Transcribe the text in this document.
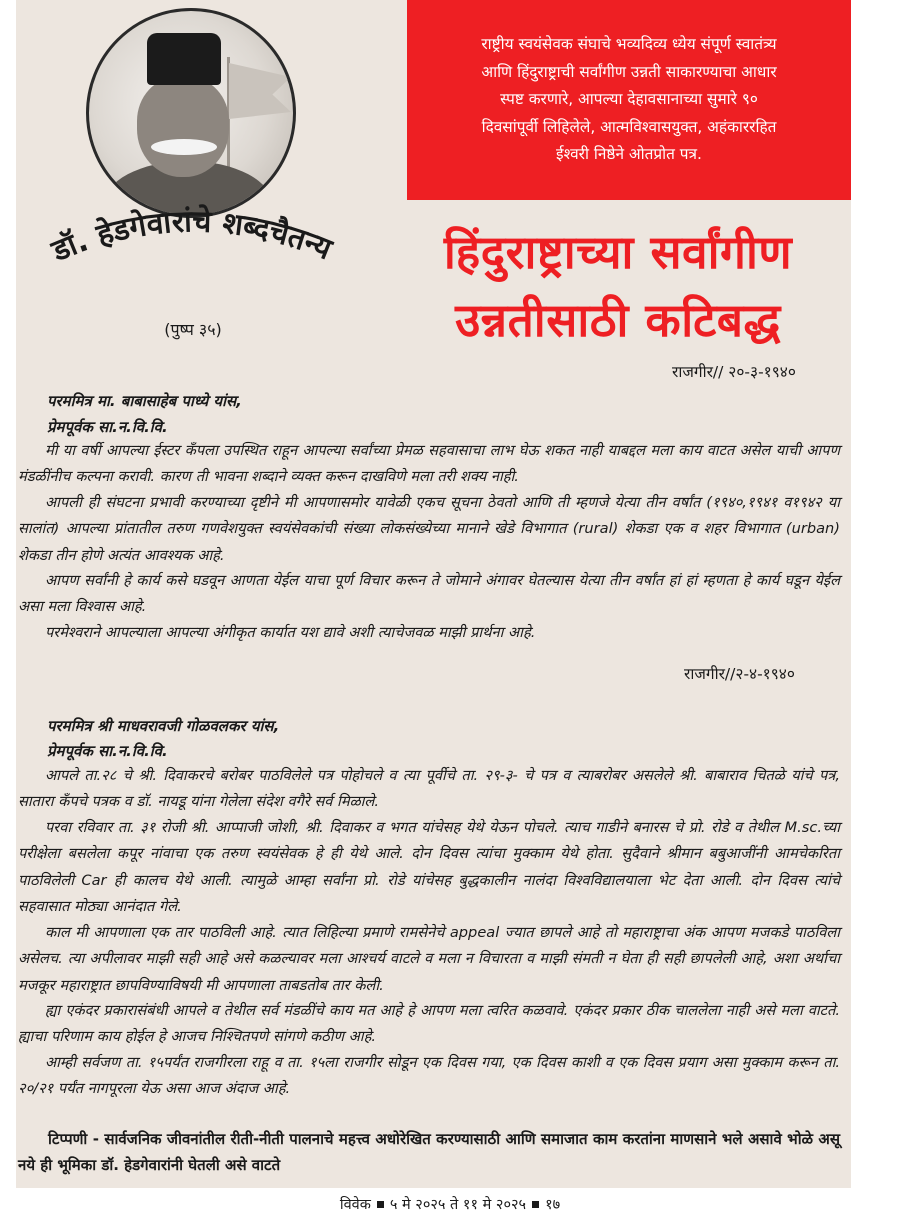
डॉ. हेडगेवारांचे शब्दचैतन्य
(पुष्प ३५)
राष्ट्रीय स्वयंसेवक संघाचे भव्यदिव्य ध्येय संपूर्ण स्वातंत्र्य
आणि हिंदुराष्ट्राची सर्वांगीण उन्नती साकारण्याचा आधार
स्पष्ट करणारे, आपल्या देहावसानाच्या सुमारे ९०
दिवसांपूर्वी लिहिलेले, आत्मविश्वासयुक्त, अहंकाररहित
ईश्वरी निष्ठेने ओतप्रोत पत्र.
हिंदुराष्ट्राच्या सर्वांगीण
उन्नतीसाठी कटिबद्ध
राजगीर// २०-३-१९४०
परममित्र मा. बाबासाहेब पाध्ये यांस,
प्रेमपूर्वक सा.न.वि.वि.
मी या वर्षी आपल्या ईस्टर कँपला उपस्थित राहून आपल्या सर्वांच्या प्रेमळ सहवासाचा लाभ घेऊ शकत नाही याबद्दल मला काय वाटत असेल याची आपण मंडळींनीच कल्पना करावी. कारण ती भावना शब्दाने व्यक्त करून दाखविणे मला तरी शक्य नाही.
आपली ही संघटना प्रभावी करण्याच्या दृष्टीने मी आपणासमोर यावेळी एकच सूचना ठेवतो आणि ती म्हणजे येत्या तीन वर्षांत (१९४०,१९४१ व१९४२ या सालांत) आपल्या प्रांतातील तरुण गणवेशयुक्त स्वयंसेवकांची संख्या लोकसंख्येच्या मानाने खेडे विभागात (rural) शेकडा एक व शहर विभागात (urban) शेकडा तीन होणे अत्यंत आवश्यक आहे.
आपण सर्वांनी हे कार्य कसे घडवून आणता येईल याचा पूर्ण विचार करून ते जोमाने अंगावर घेतल्यास येत्या तीन वर्षांत हां हां म्हणता हे कार्य घडून येईल असा मला विश्वास आहे.
परमेश्वराने आपल्याला आपल्या अंगीकृत कार्यात यश द्यावे अशी त्याचेजवळ माझी प्रार्थना आहे.
राजगीर//२-४-१९४०
परममित्र श्री माधवरावजी गोळवलकर यांस,
प्रेमपूर्वक सा.न.वि.वि.
आपले ता.२८ चे श्री. दिवाकरचे बरोबर पाठविलेले पत्र पोहोचले व त्या पूर्वीचे ता. २९-३- चे पत्र व त्याबरोबर असलेले श्री. बाबाराव चितळे यांचे पत्र, सातारा कँपचे पत्रक व डॉ. नायडू यांना गेलेला संदेश वगैरे सर्व मिळाले.
परवा रविवार ता. ३१ रोजी श्री. आप्पाजी जोशी, श्री. दिवाकर व भगत यांचेसह येथे येऊन पोचले. त्याच गाडीने बनारस चे प्रो. रोडे व तेथील M.sc.च्या परीक्षेला बसलेला कपूर नांवाचा एक तरुण स्वयंसेवक हे ही येथे आले. दोन दिवस त्यांचा मुक्काम येथे होता. सुदैवाने श्रीमान बबुआजींनी आमचेकरिता पाठविलेली Car ही कालच येथे आली. त्यामुळे आम्हा सर्वांना प्रो. रोडे यांचेसह बुद्धकालीन नालंदा विश्वविद्यालयाला भेट देता आली. दोन दिवस त्यांचे सहवासात मोठ्या आनंदात गेले.
काल मी आपणाला एक तार पाठविली आहे. त्यात लिहिल्या प्रमाणे रामसेनेचे appeal ज्यात छापले आहे तो महाराष्ट्राचा अंक आपण मजकडे पाठविला असेलच. त्या अपीलावर माझी सही आहे असे कळल्यावर मला आश्चर्य वाटले व मला न विचारता व माझी संमती न घेता ही सही छापलेली आहे, अशा अर्थाचा मजकूर महाराष्ट्रात छापविण्याविषयी मी आपणाला ताबडतोब तार केली.
ह्या एकंदर प्रकारासंबंधी आपले व तेथील सर्व मंडळींचे काय मत आहे हे आपण मला त्वरित कळवावे. एकंदर प्रकार ठीक चाललेला नाही असे मला वाटते. ह्याचा परिणाम काय होईल हे आजच निश्चितपणे सांगणे कठीण आहे.
आम्ही सर्वजण ता. १५पर्यंत राजगीरला राहू व ता. १५ला राजगीर सोडून एक दिवस गया, एक दिवस काशी व एक दिवस प्रयाग असा मुक्काम करून ता. २०/२१ पर्यंत नागपूरला येऊ असा आज अंदाज आहे.
टिप्पणी - सार्वजनिक जीवनांतील रीती-नीती पालनाचे महत्त्व अधोरेखित करण्यासाठी आणि समाजात काम करतांना माणसाने भले असावे भोळे असू नये ही भूमिका डॉ. हेडगेवारांनी घेतली असे वाटते
विवेक ५ मे २०२५ ते ११ मे २०२५ १७
